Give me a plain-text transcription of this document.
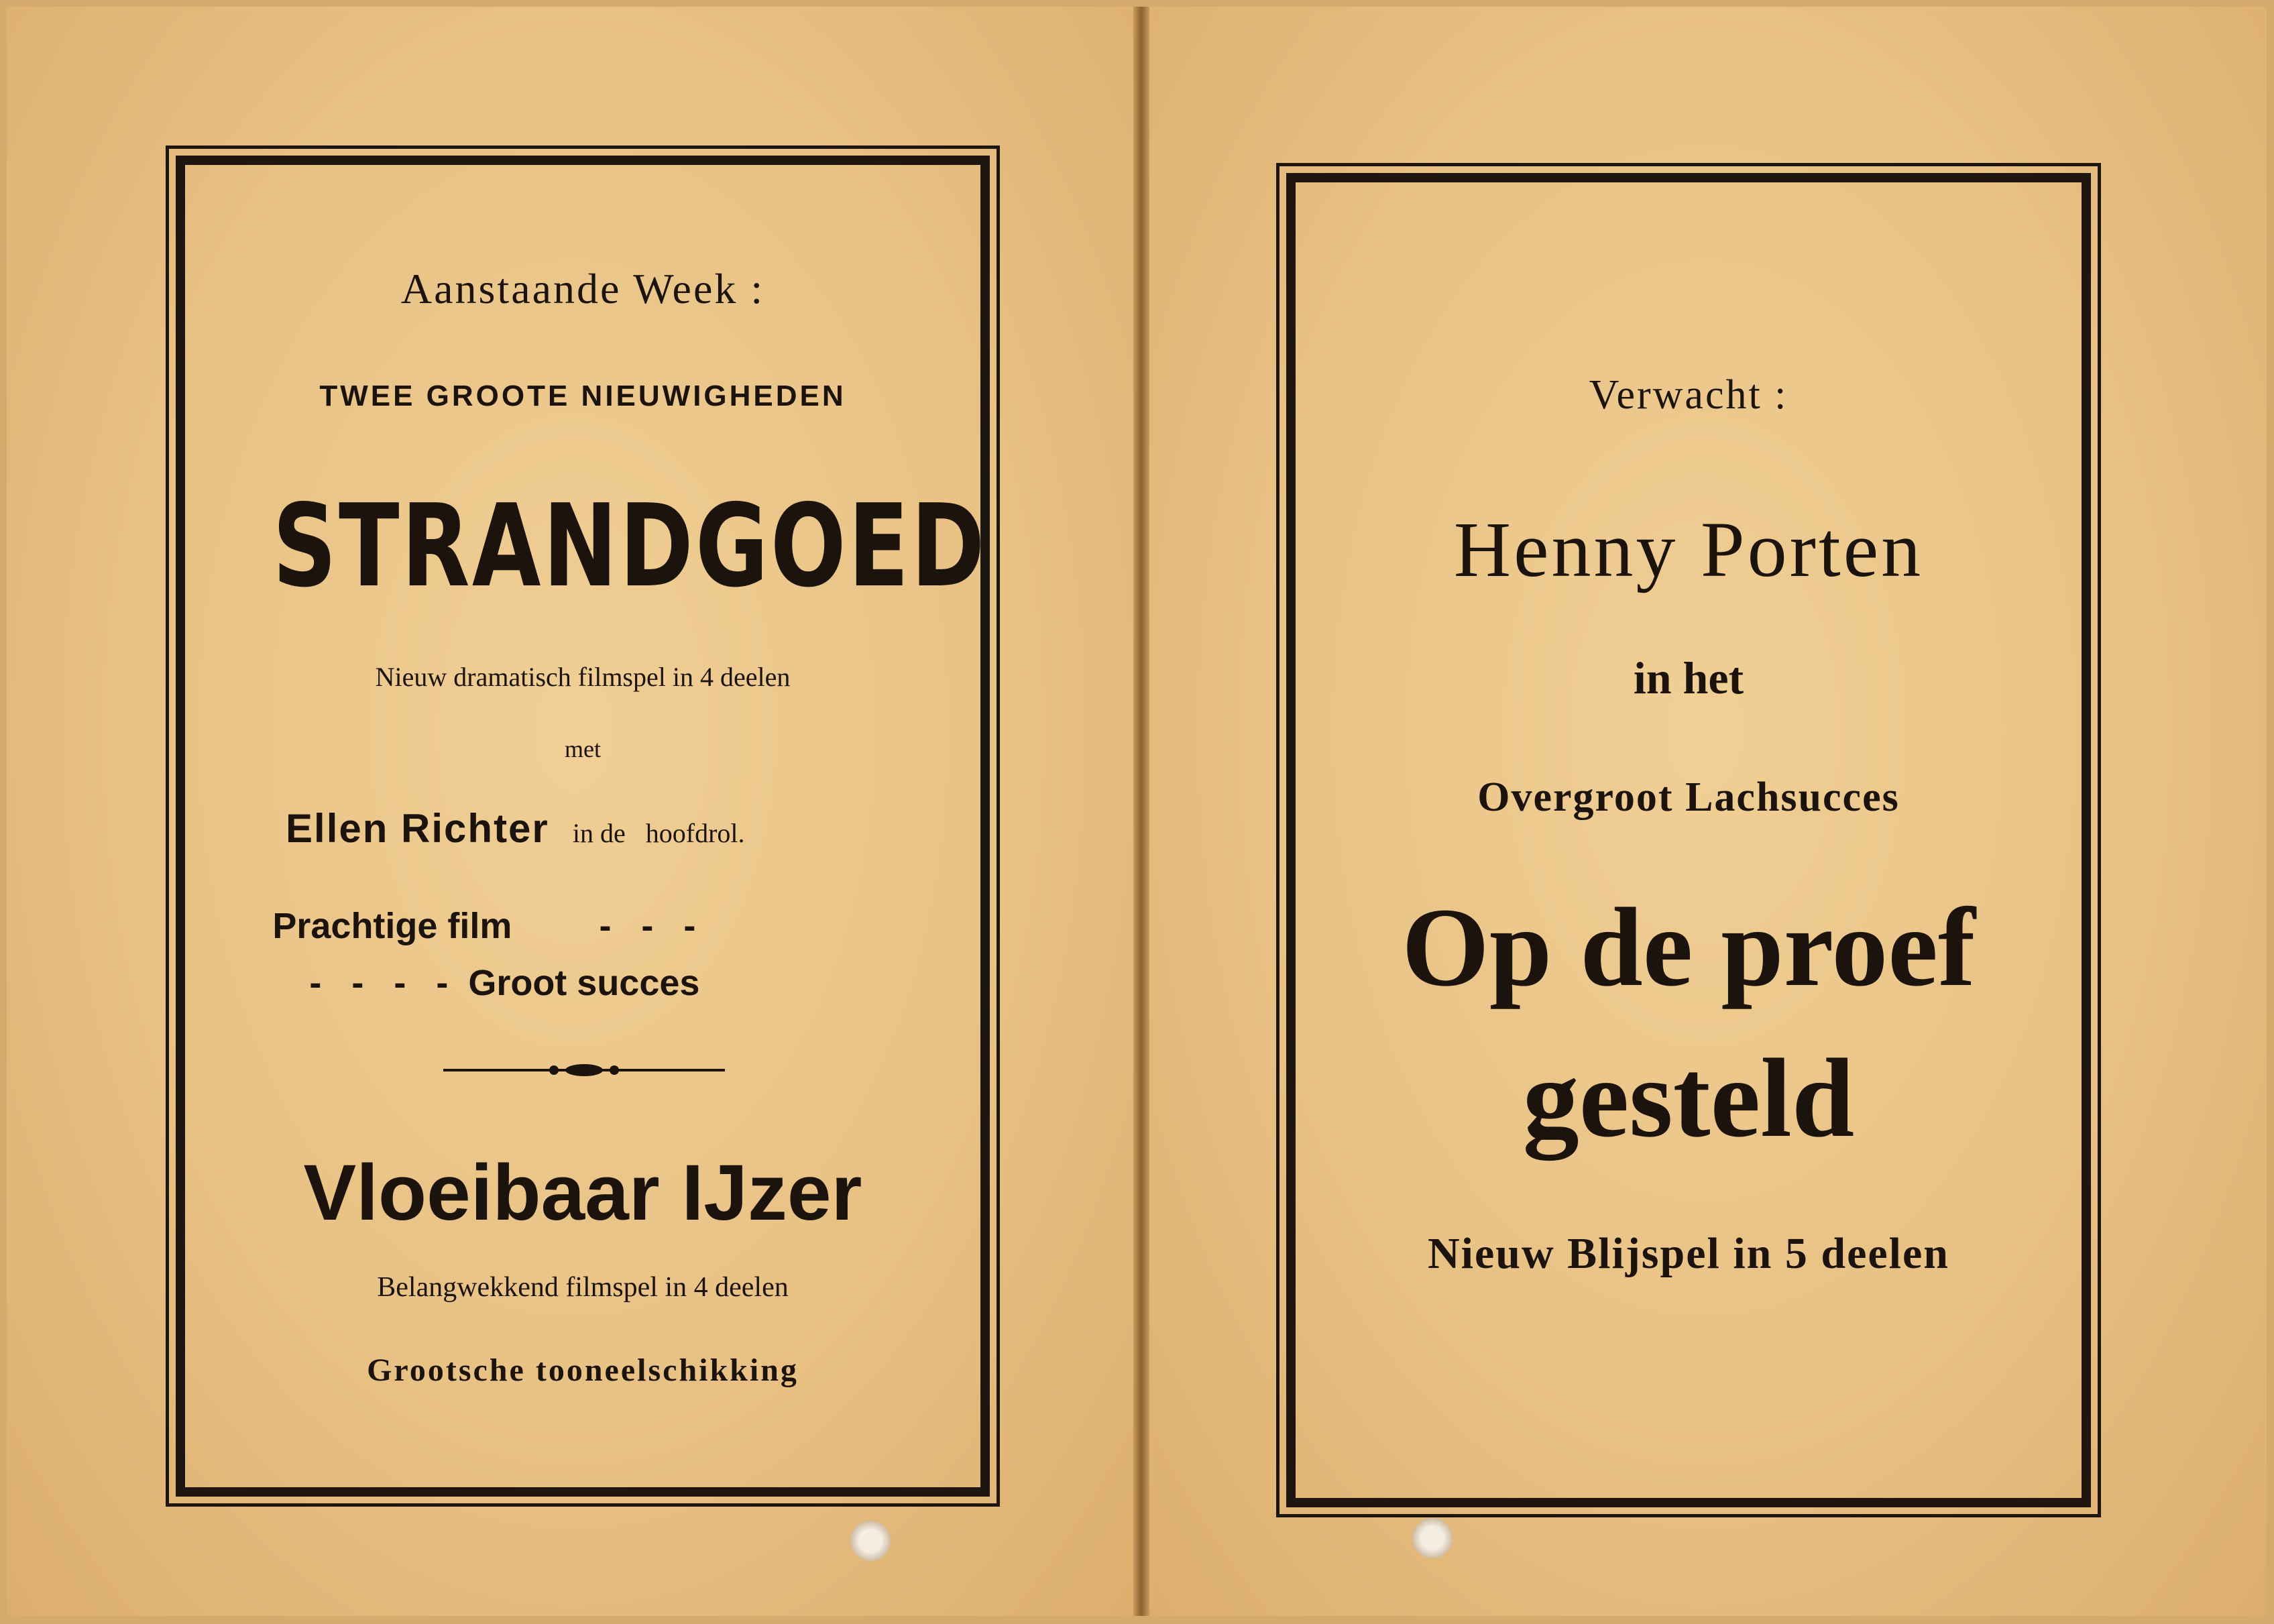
Aanstaande Week :
TWEE GROOTE NIEUWIGHEDEN
STRANDGOED
Nieuw dramatisch filmspel in 4 deelen
met
Ellen Richter in de   hoofdrol.

Prachtige film -   -   -

-   -   -   - Groot succes

Vloeibaar IJzer
Belangwekkend filmspel in 4 deelen
Grootsche tooneelschikking
Verwacht :
Henny Porten
in het
Overgroot Lachsucces
Op de proef
gesteld
Nieuw Blijspel in 5 deelen
